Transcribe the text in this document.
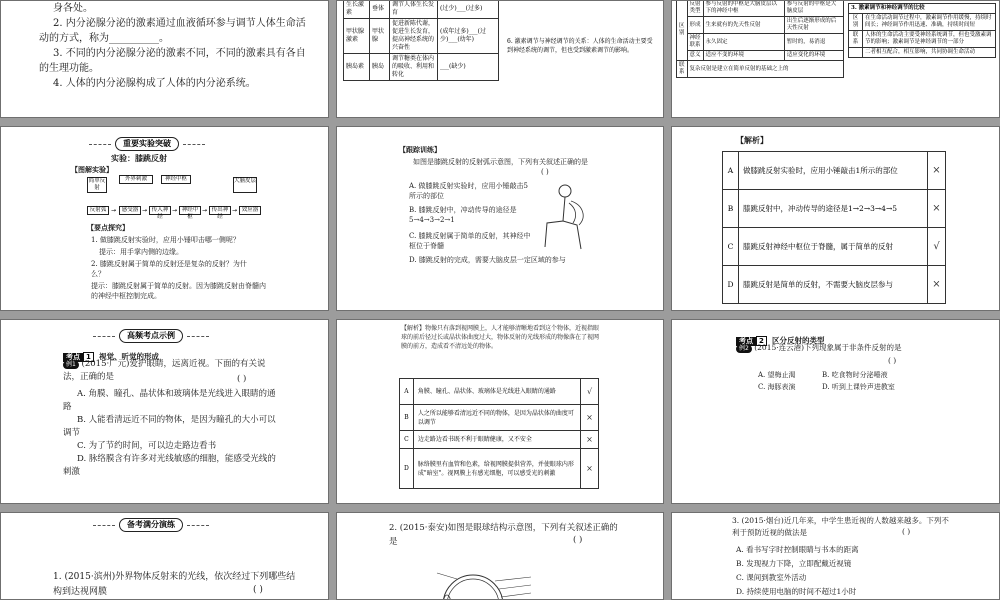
身各处。
2. 内分泌腺分泌的激素通过血液循环参与调节人体生命活动的方式，称为__________。
3. 不同的内分泌腺分泌的激素不同，不同的激素具有各自的生理功能。
4. 人体的内分泌腺构成了人体的内分泌系统。
生长激素	垂体	调节人体生长发育	(过少)___(过多)
甲状腺激素	甲状腺	促进新陈代谢，促进生长发育，提高神经系统的兴奋性	(成年过多)___(过少)___(幼年)
胰岛素	胰岛	调节糖类在体内的吸收、利用和转化	___(缺少)
6. 激素调节与神经调节的关系：人体的生命活动主要受到神经系统的调节，但也受到激素调节的影响。
区别	反射类型	参与反射的中枢是大脑皮层以下的神经中枢	参与反射的中枢是大脑皮层
	形成	生来就有的先天性反射	出生后逐渐形成的后天性反射
	神经联系	永久固定	暂时的，易消退
	意义	适应不变的环境	适应变化的环境
联系	复杂反射是建立在简单反射的基础之上的		
3. 激素调节和神经调节的比较	
区别	在生命活动调节过程中，激素调节作用缓慢，持续时间长；神经调节作用迅速、准确，持续时间短
联系	人体的生命活动主要受神经系统调节，但也受激素调节的影响；激素调节是神经调节的一部分
	二者相互配合，相互影响，共同协调生命活动
重要实验突破
实验：膝跳反射
【图解实验】
简单反射
外界刺激	神经中枢	大脑皮层
反射弧 →	感受器 → 传入神经
→ 神经中枢
→ 传出神经
→ 效应器
【要点探究】
1. 做膝跳反射实验时，应用小锤叩击哪一侧呢？
提示：用手掌内侧的边缘。
2. 膝跳反射属于简单的反射还是复杂的反射？为什么？
提示：膝跳反射属于简单的反射。因为膝跳反射由脊髓内的神经中枢控制完成。
【跟踪训练】
如图是膝跳反射的反射弧示意图，下列有关叙述正确的是
( )
A. 做膝跳反射实验时，应用小锤敲击5所示的部位
B. 膝跳反射中，冲动传导的途径是5→4→3→2→1
C. 膝跳反射属于简单的反射，其神经中枢位于脊髓
D. 膝跳反射的完成，需要大脑皮层一定区域的参与
【解析】
A	做膝跳反射实验时，应用小锤敲击1所示的部位	×
B	膝跳反射中，冲动传导的途径是1→2→3→4→5	×
C	膝跳反射神经中枢位于脊髓，属于简单的反射	√
D	膝跳反射是简单的反射，不需要大脑皮层参与	×
高频考点示例
考点 1 视觉、听觉的形成
例1 (2015·广元)爱护眼睛，远离近视。下面的有关说法，正确的是	( )
A. 角膜、瞳孔、晶状体和玻璃体是光线进入眼睛的通路
B. 人能看清远近不同的物体，是因为瞳孔的大小可以调节
C. 为了节约时间，可以边走路边看书
D. 脉络膜含有许多对光线敏感的细胞，能感受光线的刺激
【解析】物像只有落到视网膜上，人才能够清晰地看到这个物体，近视指眼球的前后径过长或晶状体曲度过大，物体反射的光线形成的物像落在了视网膜的前方，造成看不清远处的物体。
A	角膜、瞳孔、晶状体、玻璃体是光线进入眼睛的通路	√
B	人之所以能够看清远近不同的物体，是因为晶状体的曲度可以调节	×
C	边走路边看书既不利于眼睛健康，又不安全	×
D	脉络膜里有血管和色素，给视网膜提供营养，并使眼球内形成"暗室"。视网膜上有感光细胞，可以感受光的刺激	×
考点 2 区分反射的类型
例2 (2015·连云港)下列现象属于非条件反射的是
( )
A. 望梅止渴	B. 吃食物时分泌唾液
C. 海豚表演	D. 听到上课铃声进教室
备考满分演练
1. (2015·滨州)外界物体反射来的光线，依次经过下列哪些结构到达视网膜	( )
2. (2015·泰安)如图是眼球结构示意图，下列有关叙述正确的是	( )
3. (2015·烟台)近几年来，中学生患近视的人数越来越多。下列不利于预防近视的做法是	( )
A. 看书写字时控制眼睛与书本的距离
B. 发现视力下降，立即配戴近视镜
C. 课间到教室外活动
D. 持续使用电脑的时间不超过1小时
